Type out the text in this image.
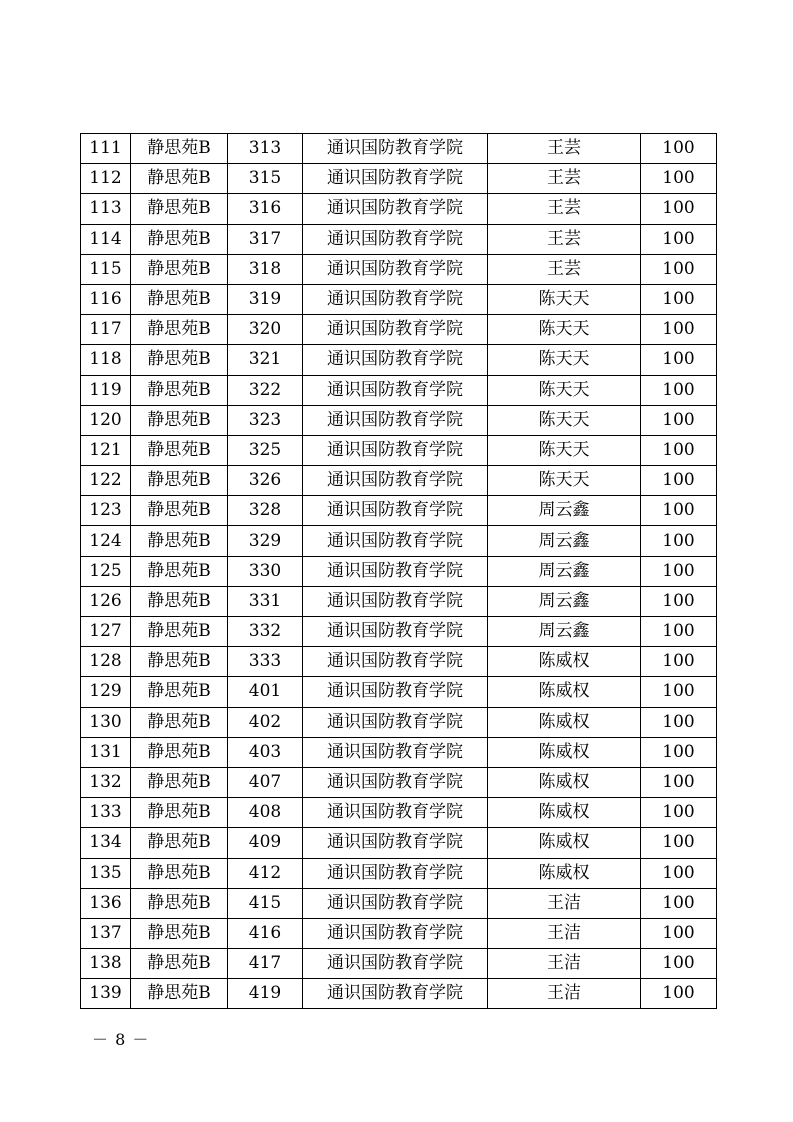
111	静思苑B	313	通识国防教育学院	王芸	100
112	静思苑B	315	通识国防教育学院	王芸	100
113	静思苑B	316	通识国防教育学院	王芸	100
114	静思苑B	317	通识国防教育学院	王芸	100
115	静思苑B	318	通识国防教育学院	王芸	100
116	静思苑B	319	通识国防教育学院	陈天天	100
117	静思苑B	320	通识国防教育学院	陈天天	100
118	静思苑B	321	通识国防教育学院	陈天天	100
119	静思苑B	322	通识国防教育学院	陈天天	100
120	静思苑B	323	通识国防教育学院	陈天天	100
121	静思苑B	325	通识国防教育学院	陈天天	100
122	静思苑B	326	通识国防教育学院	陈天天	100
123	静思苑B	328	通识国防教育学院	周云鑫	100
124	静思苑B	329	通识国防教育学院	周云鑫	100
125	静思苑B	330	通识国防教育学院	周云鑫	100
126	静思苑B	331	通识国防教育学院	周云鑫	100
127	静思苑B	332	通识国防教育学院	周云鑫	100
128	静思苑B	333	通识国防教育学院	陈威权	100
129	静思苑B	401	通识国防教育学院	陈威权	100
130	静思苑B	402	通识国防教育学院	陈威权	100
131	静思苑B	403	通识国防教育学院	陈威权	100
132	静思苑B	407	通识国防教育学院	陈威权	100
133	静思苑B	408	通识国防教育学院	陈威权	100
134	静思苑B	409	通识国防教育学院	陈威权	100
135	静思苑B	412	通识国防教育学院	陈威权	100
136	静思苑B	415	通识国防教育学院	王洁	100
137	静思苑B	416	通识国防教育学院	王洁	100
138	静思苑B	417	通识国防教育学院	王洁	100
139	静思苑B	419	通识国防教育学院	王洁	100
－ 8 －
